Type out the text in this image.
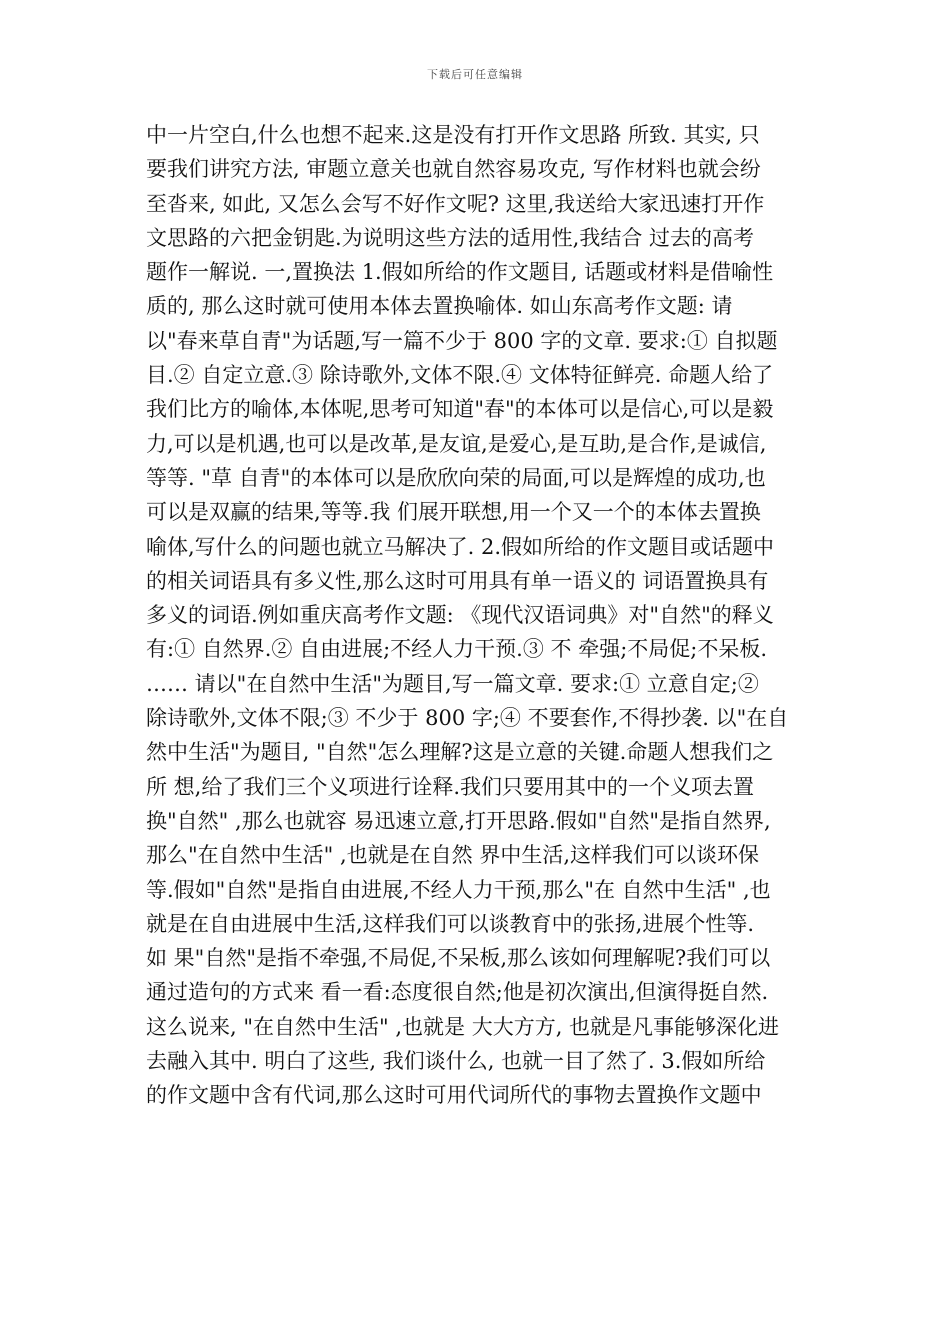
下载后可任意编辑
中一片空白,什么也想不起来.这是没有打开作文思路 所致. 其实, 只
要我们讲究方法, 审题立意关也就自然容易攻克, 写作材料也就会纷
至沓来, 如此, 又怎么会写不好作文呢? 这里,我送给大家迅速打开作
文思路的六把金钥匙.为说明这些方法的适用性,我结合 过去的高考
题作一解说. 一,置换法 1.假如所给的作文题目, 话题或材料是借喻性
质的, 那么这时就可使用本体去置换喻体. 如山东高考作文题: 请
以"春来草自青"为话题,写一篇不少于 800 字的文章. 要求:① 自拟题
目.② 自定立意.③ 除诗歌外,文体不限.④ 文体特征鲜亮. 命题人给了
我们比方的喻体,本体呢,思考可知道"春"的本体可以是信心,可以是毅
力,可以是机遇,也可以是改革,是友谊,是爱心,是互助,是合作,是诚信,
等等. "草 自青"的本体可以是欣欣向荣的局面,可以是辉煌的成功,也
可以是双赢的结果,等等.我 们展开联想,用一个又一个的本体去置换
喻体,写什么的问题也就立马解决了. 2.假如所给的作文题目或话题中
的相关词语具有多义性,那么这时可用具有单一语义的 词语置换具有
多义的词语.例如重庆高考作文题: 《现代汉语词典》对"自然"的释义
有:① 自然界.② 自由进展;不经人力干预.③ 不 牵强;不局促;不呆板.
…… 请以"在自然中生活"为题目,写一篇文章. 要求:① 立意自定;②
除诗歌外,文体不限;③ 不少于 800 字;④ 不要套作,不得抄袭. 以"在自
然中生活"为题目, "自然"怎么理解?这是立意的关键.命题人想我们之
所 想,给了我们三个义项进行诠释.我们只要用其中的一个义项去置
换"自然" ,那么也就容 易迅速立意,打开思路.假如"自然"是指自然界,
那么"在自然中生活" ,也就是在自然 界中生活,这样我们可以谈环保
等.假如"自然"是指自由进展,不经人力干预,那么"在 自然中生活" ,也
就是在自由进展中生活,这样我们可以谈教育中的张扬,进展个性等.
如 果"自然"是指不牵强,不局促,不呆板,那么该如何理解呢?我们可以
通过造句的方式来 看一看:态度很自然;他是初次演出,但演得挺自然.
这么说来, "在自然中生活" ,也就是 大大方方, 也就是凡事能够深化进
去融入其中. 明白了这些, 我们谈什么, 也就一目了然了. 3.假如所给
的作文题中含有代词,那么这时可用代词所代的事物去置换作文题中
